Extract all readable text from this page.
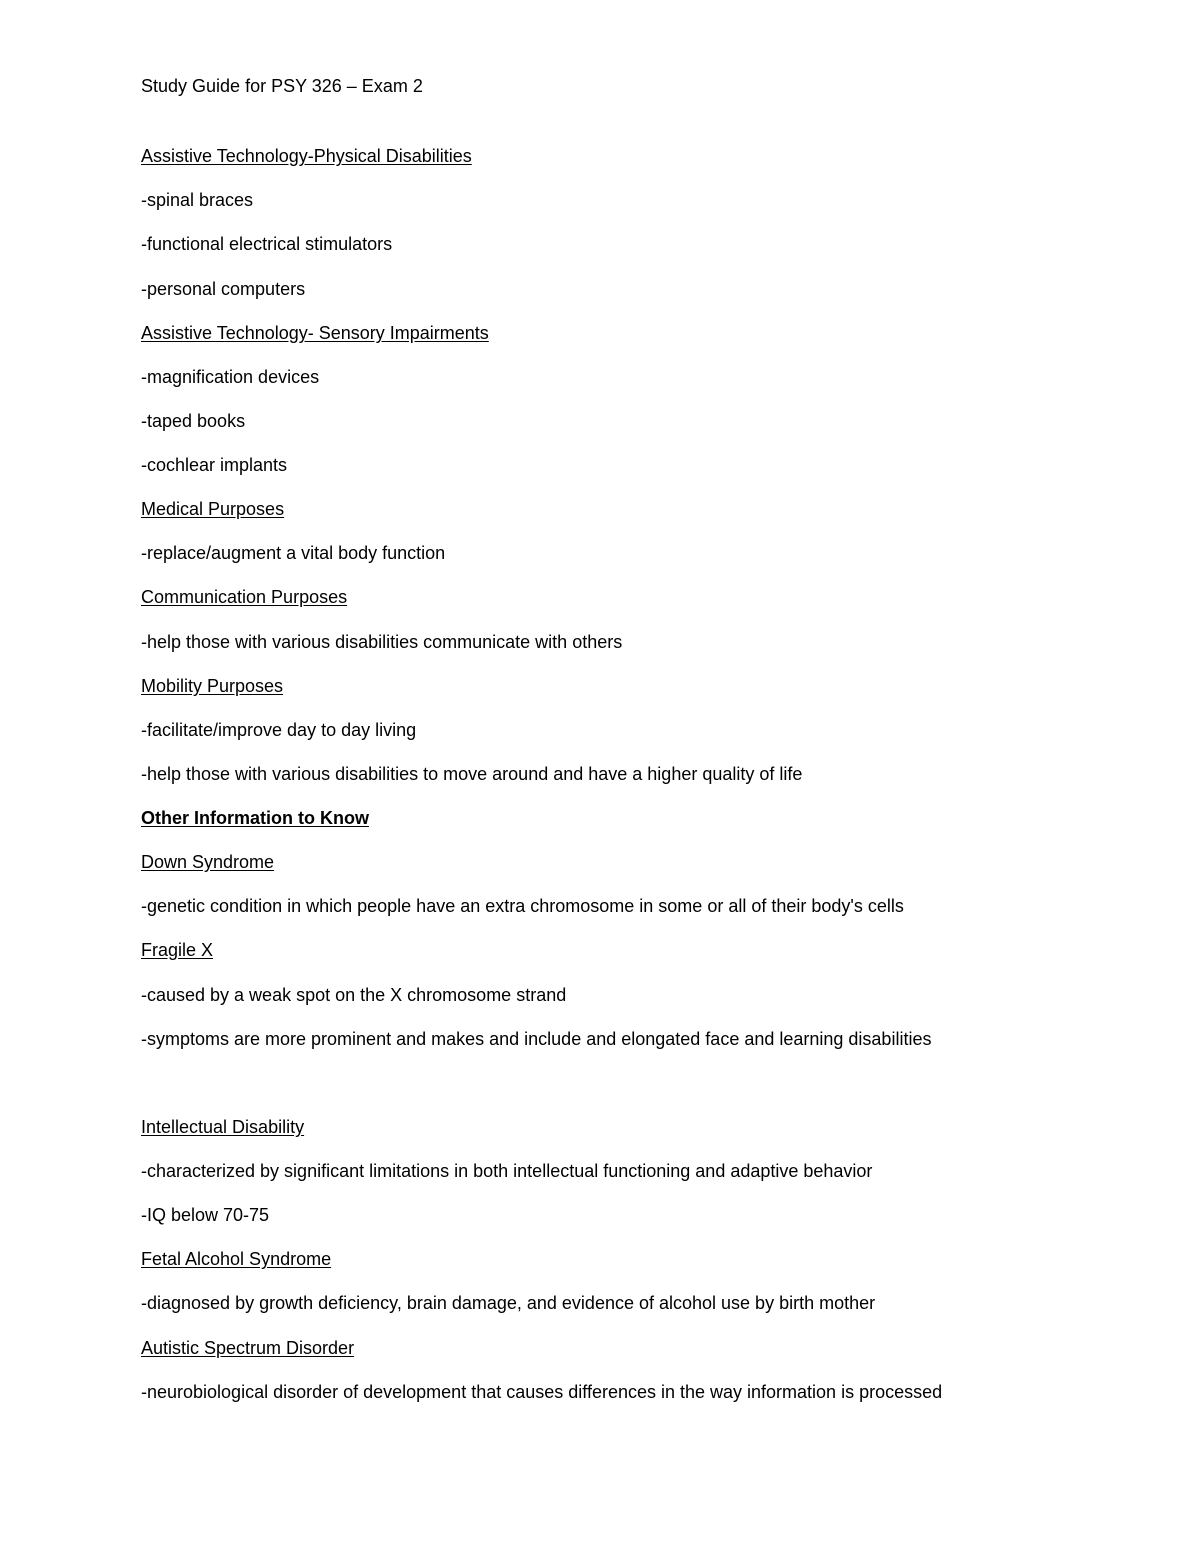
Study Guide for PSY 326 – Exam 2

Assistive Technology-Physical Disabilities

-spinal braces

-functional electrical stimulators

-personal computers

Assistive Technology- Sensory Impairments

-magnification devices

-taped books

-cochlear implants

Medical Purposes

-replace/augment a vital body function

Communication Purposes

-help those with various disabilities communicate with others

Mobility Purposes

-facilitate/improve day to day living

-help those with various disabilities to move around and have a higher quality of life

Other Information to Know

Down Syndrome

-genetic condition in which people have an extra chromosome in some or all of their body's cells

Fragile X

-caused by a weak spot on the X chromosome strand

-symptoms are more prominent and makes and include and elongated face and learning disabilities

Intellectual Disability

-characterized by significant limitations in both intellectual functioning and adaptive behavior

-IQ below 70-75

Fetal Alcohol Syndrome

-diagnosed by growth deficiency, brain damage, and evidence of alcohol use by birth mother

Autistic Spectrum Disorder

-neurobiological disorder of development that causes differences in the way information is processed
